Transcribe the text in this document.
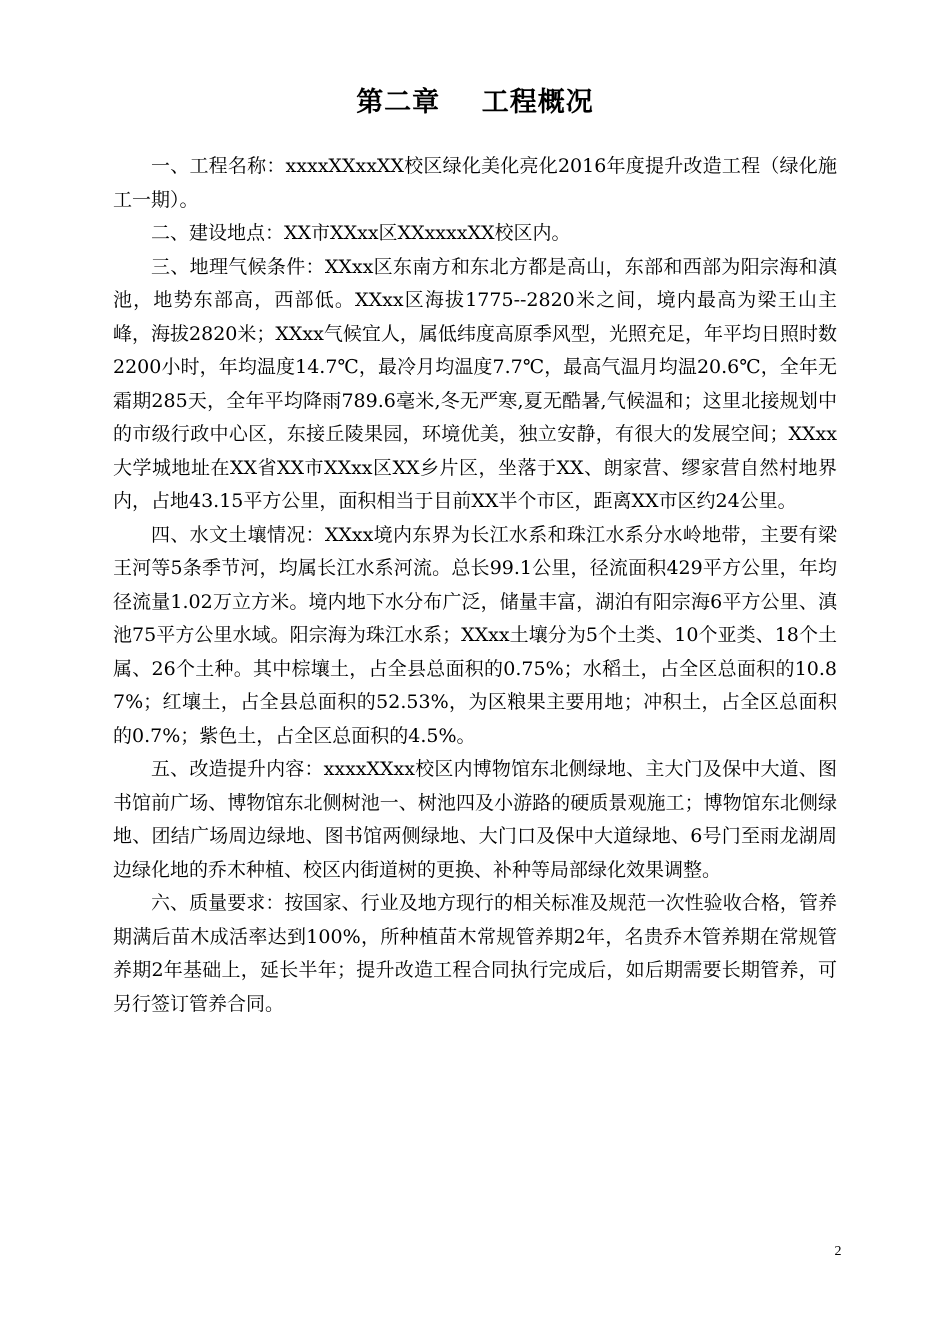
第二章    工程概况

一、工程名称：xxxxXXxxXX校区绿化美化亮化2016年度提升改造工程（绿化施工一期）。

二、建设地点：XX市XXxx区XXxxxxXX校区内。

三、地理气候条件：XXxx区东南方和东北方都是高山，东部和西部为阳宗海和滇池，地势东部高，西部低。XXxx区海拔1775--2820米之间，境内最高为梁王山主峰，海拔2820米；XXxx气候宜人，属低纬度高原季风型，光照充足，年平均日照时数2200小时，年均温度14.7℃，最冷月均温度7.7℃，最高气温月均温20.6℃，全年无霜期285天，全年平均降雨789.6毫米,冬无严寒,夏无酷暑,气候温和；这里北接规划中的市级行政中心区，东接丘陵果园，环境优美，独立安静，有很大的发展空间；XXxx大学城地址在XX省XX市XXxx区XX乡片区，坐落于XX、朗家营、缪家营自然村地界内，占地43.15平方公里，面积相当于目前XX半个市区，距离XX市区约24公里。

四、水文土壤情况：XXxx境内东界为长江水系和珠江水系分水岭地带，主要有梁王河等5条季节河，均属长江水系河流。总长99.1公里，径流面积429平方公里，年均径流量1.02万立方米。境内地下水分布广泛，储量丰富，湖泊有阳宗海6平方公里、滇池75平方公里水域。阳宗海为珠江水系；XXxx土壤分为5个土类、10个亚类、18个土属、26个土种。其中棕壤土，占全县总面积的0.75%；水稻土，占全区总面积的10.87%；红壤土，占全县总面积的52.53%，为区粮果主要用地；冲积土，占全区总面积的0.7%；紫色土，占全区总面积的4.5%。

五、改造提升内容：xxxxXXxx校区内博物馆东北侧绿地、主大门及保中大道、图书馆前广场、博物馆东北侧树池一、树池四及小游路的硬质景观施工；博物馆东北侧绿地、团结广场周边绿地、图书馆两侧绿地、大门口及保中大道绿地、6号门至雨龙湖周边绿化地的乔木种植、校区内街道树的更换、补种等局部绿化效果调整。

六、质量要求：按国家、行业及地方现行的相关标准及规范一次性验收合格，管养期满后苗木成活率达到100%，所种植苗木常规管养期2年，名贵乔木管养期在常规管养期2年基础上，延长半年；提升改造工程合同执行完成后，如后期需要长期管养，可另行签订管养合同。

2
